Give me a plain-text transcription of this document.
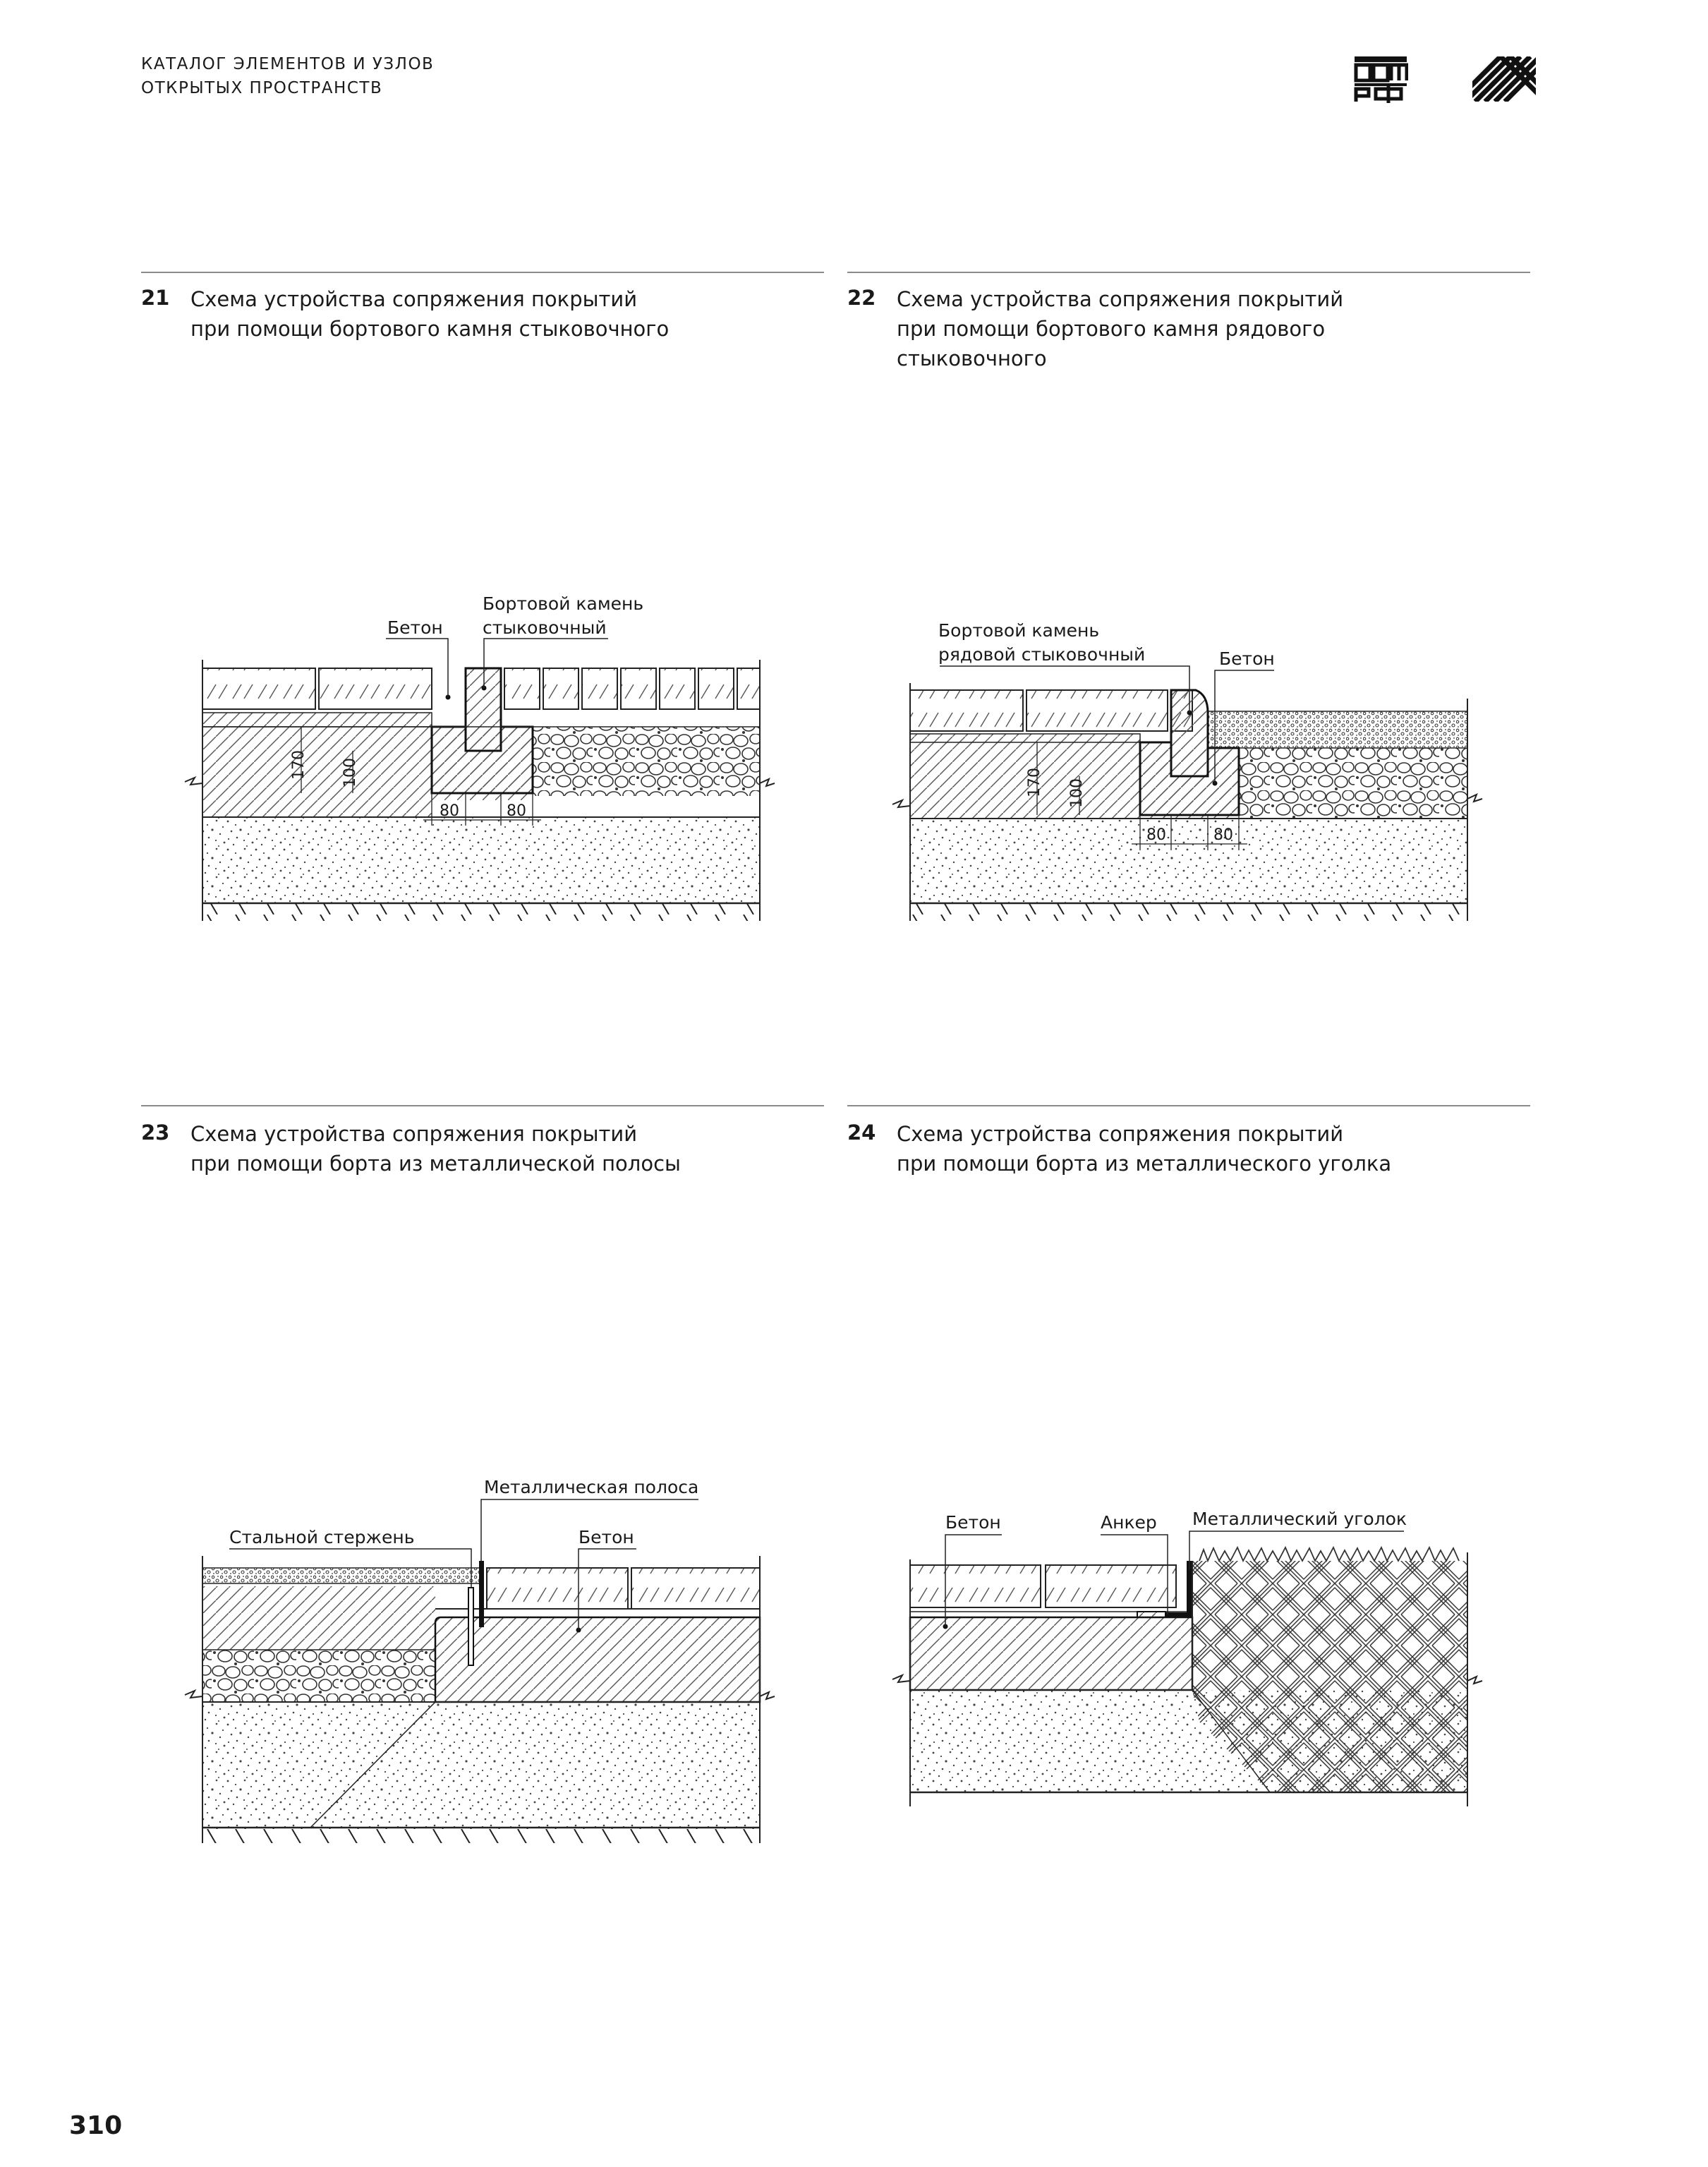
КАТАЛОГ ЭЛЕМЕНТОВ И УЗЛОВ
ОТКРЫТЫХ ПРОСТРАНСТВ
21 Схема устройства сопряжения покрытий
при помощи бортового камня стыковочного
22 Схема устройства сопряжения покрытий
при помощи бортового камня рядового
стыковочного
23 Схема устройства сопряжения покрытий
при помощи борта из металлической полосы
24 Схема устройства сопряжения покрытий
при помощи борта из металлического уголка
80	80
170 100
Бетон
Бортовой камень
стыковочный
80	80
170 100
Бортовой камень
рядовой стыковочный	Бетон
Металлическая полоса
Стальной стержень	Бетон
Бетон	Анкер Металлический уголок
310
